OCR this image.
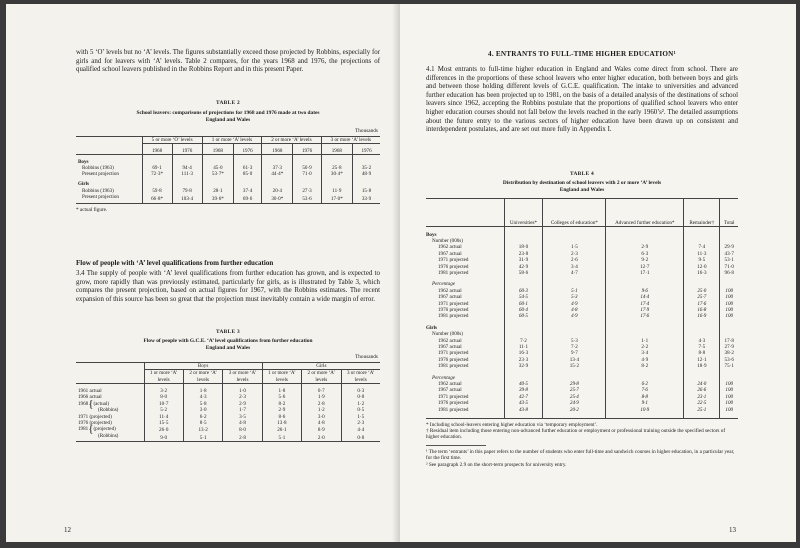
with 5 ‘O’ levels but no ‘A’ levels. The figures substantially exceed those projected by Robbins, especially for girls and for leavers with ‘A’ levels. Table 2 compares, for the years 1968 and 1976, the projections of qualified school leavers published in the Robbins Report and in this present Paper.

TABLE 2
School leavers: comparisons of projections for 1968 and 1976 made at two dates
England and Wales
Thousands
	5 or more ‘O’ levels		1 or more ‘A’ levels		2 or more ‘A’ levels		3 or more ‘A’ levels	
	1968	1976	1968	1976	1968	1976	1968	1976
Boys								
Robbins (1963)	69·1	94·4	45·0	61·3	37·3	50·9	25·8	35·2
Present projection	72·3*	111·3	53·7*	85·0	44·4*	71·0	30·4*	48·9
Girls								
Robbins (1963)	59·8	79·8	28·1	37·4	20·4	27·3	11·9	15·8
Present projection	66·8*	103·4	39·6*	69·6	30·0*	53·6	17·0*	33·9
* actual figure.
Flow of people with ‘A’ level qualifications from further education

3.4 The supply of people with ‘A’ level qualifications from further education has grown, and is expected to grow, more rapidly than was previously estimated, particularly for girls, as is illustrated by Table 3, which compares the present projection, based on actual figures for 1967, with the Robbins estimates. The recent expansion of this source has been so great that the projection must inevitably contain a wide margin of error.

TABLE 3
Flow of people with G.C.E. ‘A’ level qualifications from further education
England and Wales
Thousands
	Boys			Girls		
	1 or more ‘A’ levels	2 or more ‘A’ levels	3 or more ‘A’ levels	1 or more ‘A’ levels	2 or more ‘A’ levels	3 or more ‘A’ levels

1961 actual	3·2	1·8	1·0	1·8	0·7	0·3
1966 actual	8·0	4·3	2·3	5·6	1·9	0·8
1968{(actual)	10·7	5·8	2·9	8·2	2·8	1·2
(Robbins)	5·2	3·0	1·7	2·9	1·2	0·5
1971 (projected)	11·4	6·2	3·5	8·6	3·0	1·5
1976 (projected)	15·5	8·5	4·8	13·8	4·8	2·3
1981{(projected)	26·0	13·2	8·0	26·1	8·9	4·4
(Robbins)	9·0	5·1	2·8	5·1	2·0	0·8
12
4. ENTRANTS TO FULL-TIME HIGHER EDUCATION¹

4.1 Most entrants to full-time higher education in England and Wales come direct from school. There are differences in the proportions of these school leavers who enter higher education, both between boys and girls and between those holding different levels of G.C.E. qualification. The intake to universities and advanced further education has been projected up to 1981, on the basis of a detailed analysis of the destinations of school leavers since 1962, accepting the Robbins postulate that the proportions of qualified school leavers who enter higher education courses should not fall below the levels reached in the early 1960’s². The detailed assumptions about the future entry to the various sectors of higher education have been drawn up on consistent and interdependent postulates, and are set out more fully in Appendix I.

TABLE 4
Distribution by destination of school leavers with 2 or more ‘A’ levels
England and Wales
	Universities*	Colleges of education*	Advanced further education*	Remainder†	Total

Boys					
Number (000s)					
1962 actual	18·0	1·5	2·9	7·4	29·9
1967 actual	23·8	2·3	6·3	11·3	43·7
1971 projected	31·9	2·6	9·2	9·5	53·1
1976 projected	42·9	3·4	12·7	12·0	71·0
1981 projected	58·6	4·7	17·1	16·3	96·8

Percentage					
1962 actual	60·3	5·1	9·6	25·0	100
1967 actual	54·5	5·3	14·4	25·7	100
1971 projected	60·1	4·9	17·4	17·6	100
1976 projected	60·4	4·8	17·9	16·8	100
1981 projected	60·5	4·9	17·6	16·9	100

Girls					
Number (000s)					
1962 actual	7·2	5·3	1·1	4·3	17·8
1967 actual	11·1	7·2	2·2	7·5	27·9
1971 projected	16·3	9·7	3·4	8·8	38·2
1976 projected	23·3	13·4	4·9	12·1	53·6
1981 projected	32·9	15·2	8·2	18·9	75·1

Percentage					
1962 actual	40·5	29·8	6·2	24·0	100
1967 actual	39·8	25·7	7·6	26·6	100
1971 projected	42·7	25·4	8·8	23·1	100
1976 projected	43·5	24·9	9·1	22·5	100
1981 projected	43·8	20·2	10·9	25·1	100

* Including school-leavers entering higher education via ‘temporary employment’.
† Residual item including those entering non-advanced further education or employment or professional training outside the specified sectors of higher education.
¹ The term ‘entrants’ in this paper refers to the number of students who enter full-time and sandwich courses in higher education, in a particular year, for the first time.
² See paragraph 2.9 on the short-term prospects for university entry.
13
